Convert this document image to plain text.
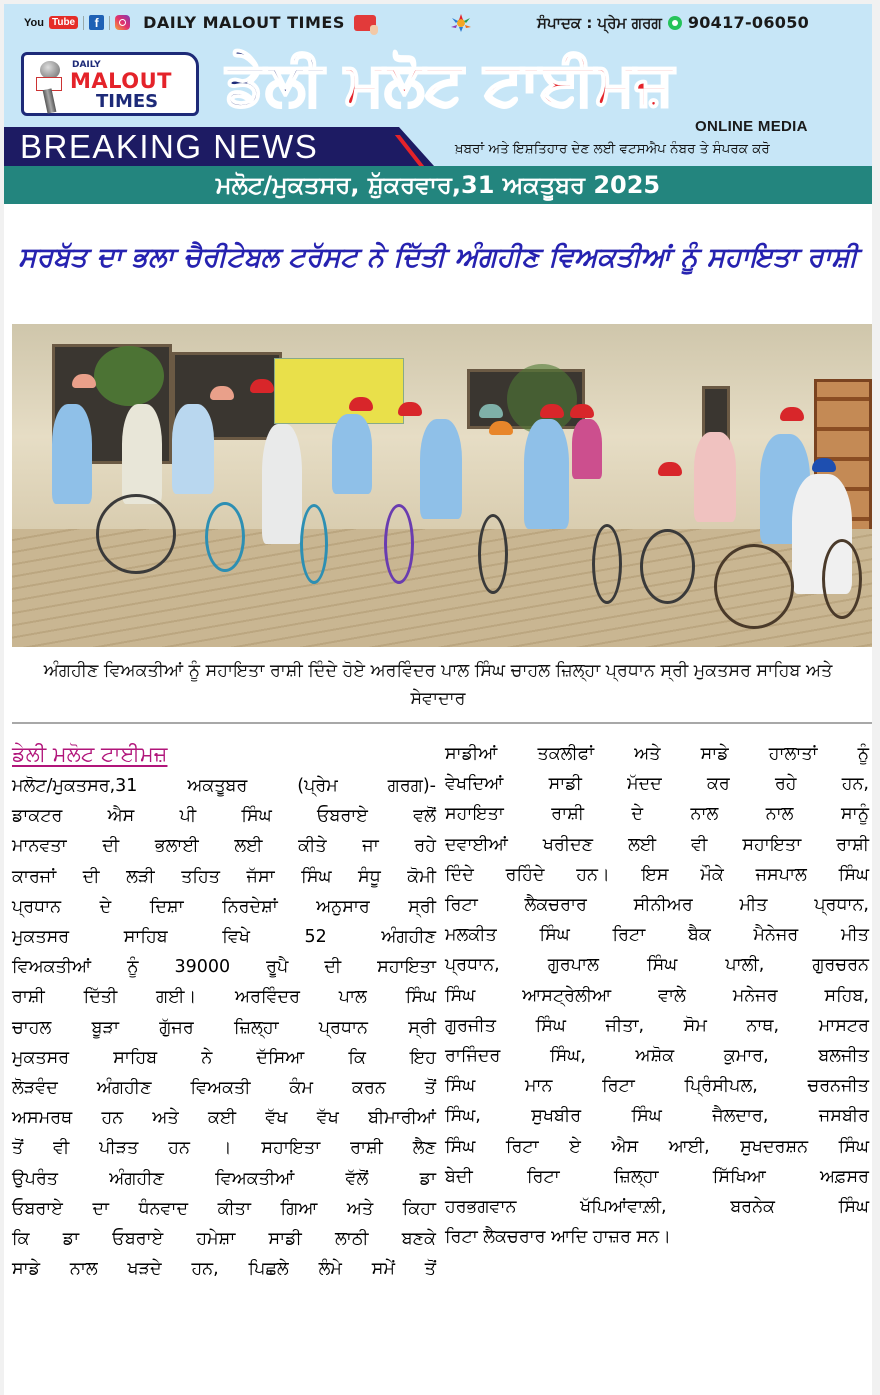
You Tube	f	DAILY MALOUT TIMES	ਸੰਪਾਦਕ : ਪ੍ਰੇਮ ਗਰਗ 90417-06050
DAILY
MALOUT
TIMES ਡੇਲੀ ਮਲੋਟ ਟਾਈਮਜ਼
ONLINE MEDIA
BREAKING NEWS	ਖ਼ਬਰਾਂ ਅਤੇ ਇਸ਼ਤਿਹਾਰ ਦੇਣ ਲਈ ਵਟਸਐਪ ਨੰਬਰ ਤੇ ਸੰਪਰਕ ਕਰੋ
ਮਲੋਟ/ਮੁਕਤਸਰ, ਸ਼ੁੱਕਰਵਾਰ,31 ਅਕਤੂਬਰ 2025
ਸਰਬੱਤ ਦਾ ਭਲਾ ਚੈਰੀਟੇਬਲ ਟਰੱਸਟ ਨੇ ਦਿੱਤੀ ਅੰਗਹੀਣ ਵਿਅਕਤੀਆਂ ਨੂੰ ਸਹਾਇਤਾ ਰਾਸ਼ੀ

ਅੰਗਹੀਣ ਵਿਅਕਤੀਆਂ ਨੂੰ ਸਹਾਇਤਾ ਰਾਸ਼ੀ ਦਿੰਦੇ ਹੋਏ ਅਰਵਿੰਦਰ ਪਾਲ ਸਿੰਘ ਚਾਹਲ ਜ਼ਿਲ੍ਹਾ ਪ੍ਰਧਾਨ ਸ੍ਰੀ ਮੁਕਤਸਰ ਸਾਹਿਬ ਅਤੇ ਸੇਵਾਦਾਰ

ਡੇਲੀ ਮਲੋਟ ਟਾਈਮਜ਼
ਮਲੋਟ/ਮੁਕਤਸਰ,31 ਅਕਤੂਬਰ (ਪ੍ਰੇਮ ਗਰਗ)-
ਡਾਕਟਰ ਐਸ ਪੀ ਸਿੰਘ ਓਬਰਾਏ ਵਲੋਂ
ਮਾਨਵਤਾ ਦੀ ਭਲਾਈ ਲਈ ਕੀਤੇ ਜਾ ਰਹੇ
ਕਾਰਜਾਂ ਦੀ ਲੜੀ ਤਹਿਤ ਜੱਸਾ ਸਿੰਘ ਸੰਧੂ ਕੋਮੀ
ਪ੍ਰਧਾਨ ਦੇ ਦਿਸ਼ਾ ਨਿਰਦੇਸ਼ਾਂ ਅਨੁਸਾਰ ਸ੍ਰੀ
ਮੁਕਤਸਰ ਸਾਹਿਬ ਵਿਖੇ 52 ਅੰਗਹੀਣ
ਵਿਅਕਤੀਆਂ ਨੂੰ 39000 ਰੂਪੈ ਦੀ ਸਹਾਇਤਾ
ਰਾਸ਼ੀ ਦਿੱਤੀ ਗਈ। ਅਰਵਿੰਦਰ ਪਾਲ ਸਿੰਘ
ਚਾਹਲ ਬੂੜਾ ਗੁੱਜਰ ਜ਼ਿਲ੍ਹਾ ਪ੍ਰਧਾਨ ਸ੍ਰੀ
ਮੁਕਤਸਰ ਸਾਹਿਬ ਨੇ ਦੱਸਿਆ ਕਿ ਇਹ
ਲੋੜਵੰਦ ਅੰਗਹੀਣ ਵਿਅਕਤੀ ਕੰਮ ਕਰਨ ਤੋਂ
ਅਸਮਰਥ ਹਨ ਅਤੇ ਕਈ ਵੱਖ ਵੱਖ ਬੀਮਾਰੀਆਂ
ਤੋਂ ਵੀ ਪੀੜਤ ਹਨ । ਸਹਾਇਤਾ ਰਾਸ਼ੀ ਲੈਣ
ਉਪਰੰਤ ਅੰਗਹੀਣ ਵਿਅਕਤੀਆਂ ਵੱਲੋਂ ਡਾ
ਓਬਰਾਏ ਦਾ ਧੰਨਵਾਦ ਕੀਤਾ ਗਿਆ ਅਤੇ ਕਿਹਾ
ਕਿ ਡਾ ਓਬਰਾਏ ਹਮੇਸ਼ਾ ਸਾਡੀ ਲਾਠੀ ਬਣਕੇ
ਸਾਡੇ ਨਾਲ ਖੜਦੇ ਹਨ, ਪਿਛਲੇ ਲੰਮੇ ਸਮੇਂ ਤੋਂ
ਸਾਡੀਆਂ ਤਕਲੀਫਾਂ ਅਤੇ ਸਾਡੇ ਹਾਲਾਤਾਂ ਨੂੰ
ਵੇਖਦਿਆਂ ਸਾਡੀ ਮੱਦਦ ਕਰ ਰਹੇ ਹਨ,
ਸਹਾਇਤਾ ਰਾਸ਼ੀ ਦੇ ਨਾਲ ਨਾਲ ਸਾਨੂੰ
ਦਵਾਈਆਂ ਖਰੀਦਣ ਲਈ ਵੀ ਸਹਾਇਤਾ ਰਾਸ਼ੀ
ਦਿੰਦੇ ਰਹਿੰਦੇ ਹਨ। ਇਸ ਮੌਕੇ ਜਸਪਾਲ ਸਿੰਘ
ਰਿਟਾ ਲੈਕਚਰਾਰ ਸੀਨੀਅਰ ਮੀਤ ਪ੍ਰਧਾਨ,
ਮਲਕੀਤ ਸਿੰਘ ਰਿਟਾ ਬੈਕ ਮੈਨੇਜਰ ਮੀਤ
ਪ੍ਰਧਾਨ, ਗੁਰਪਾਲ ਸਿੰਘ ਪਾਲੀ, ਗੁਰਚਰਨ
ਸਿੰਘ ਆਸਟ੍ਰੇਲੀਆ ਵਾਲੇ ਮਨੇਜਰ ਸਹਿਬ,
ਗੁਰਜੀਤ ਸਿੰਘ ਜੀਤਾ, ਸੋਮ ਨਾਥ, ਮਾਸਟਰ
ਰਾਜਿੰਦਰ ਸਿੰਘ, ਅਸ਼ੋਕ ਕੁਮਾਰ, ਬਲਜੀਤ
ਸਿੰਘ ਮਾਨ ਰਿਟਾ ਪ੍ਰਿੰਸੀਪਲ, ਚਰਨਜੀਤ
ਸਿੰਘ, ਸੁਖਬੀਰ ਸਿੰਘ ਜੈਲਦਾਰ, ਜਸਬੀਰ
ਸਿੰਘ ਰਿਟਾ ਏ ਐਸ ਆਈ, ਸੁਖਦਰਸ਼ਨ ਸਿੰਘ
ਬੇਦੀ ਰਿਟਾ ਜ਼ਿਲ੍ਹਾ ਸਿੱਖਿਆ ਅਫ਼ਸਰ
ਹਰਭਗਵਾਨ ਖੱਪਿਆਂਵਾਲ਼ੀ, ਬਰਨੇਕ ਸਿੰਘ
ਰਿਟਾ ਲੈਕਚਰਾਰ ਆਦਿ ਹਾਜ਼ਰ ਸਨ।
